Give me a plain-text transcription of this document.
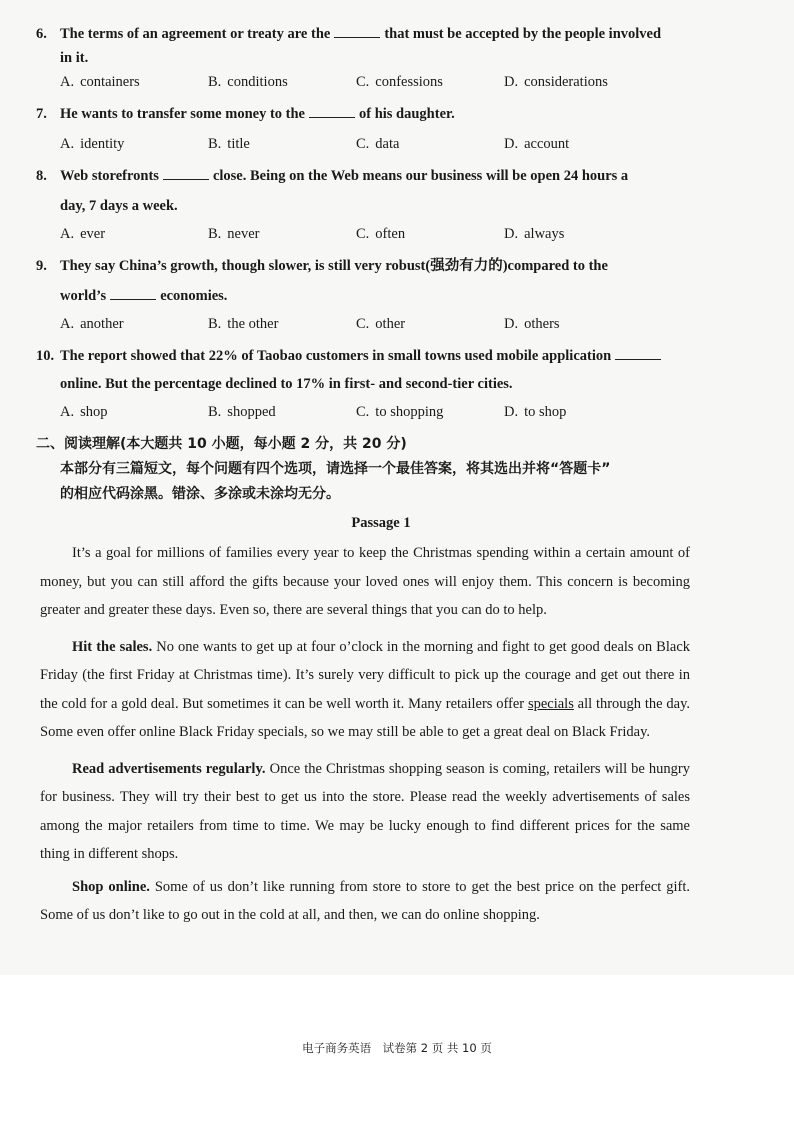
6. The terms of an agreement or treaty are the	that must be accepted by the people involved
in it.
A. containers	B. conditions	C. confessions	D. considerations
7. He wants to transfer some money to the	of his daughter.
A. identity	B. title	C. data	D. account
8. Web storefronts	close. Being on the Web means our business will be open 24 hours a
day, 7 days a week.
A. ever	B. never	C. often	D. always
9. They say China’s growth, though slower, is still very robust(强劲有力的)compared to the
world’s	economies.
A. another	B. the other	C. other	D. others
10. The report showed that 22% of Taobao customers in small towns used mobile application
online. But the percentage declined to 17% in first- and second-tier cities.
A. shop	B. shopped	C. to shopping	D. to shop
二、阅读理解(本大题共 10 小题，每小题 2 分，共 20 分)
本部分有三篇短文，每个问题有四个选项，请选择一个最佳答案，将其选出并将“答题卡”
的相应代码涂黑。错涂、多涂或未涂均无分。
Passage 1

It’s a goal for millions of families every year to keep the Christmas spending within a certain amount of money, but you can still afford the gifts because your loved ones will enjoy them. This concern is becoming greater and greater these days. Even so, there are several things that you can do to help.

Hit the sales. No one wants to get up at four o’clock in the morning and fight to get good deals on Black Friday (the first Friday at Christmas time). It’s surely very difficult to pick up the courage and get out there in the cold for a gold deal. But sometimes it can be well worth it. Many retailers offer specials all through the day. Some even offer online Black Friday specials, so we may still be able to get a great deal on Black Friday.

Read advertisements regularly. Once the Christmas shopping season is coming, retailers will be hungry for business. They will try their best to get us into the store. Please read the weekly advertisements of sales among the major retailers from time to time. We may be lucky enough to find different prices for the same thing in different shops.

Shop online. Some of us don’t like running from store to store to get the best price on the perfect gift. Some of us don’t like to go out in the cold at all, and then, we can do online shopping.

电子商务英语　试卷第 2 页 共 10 页
